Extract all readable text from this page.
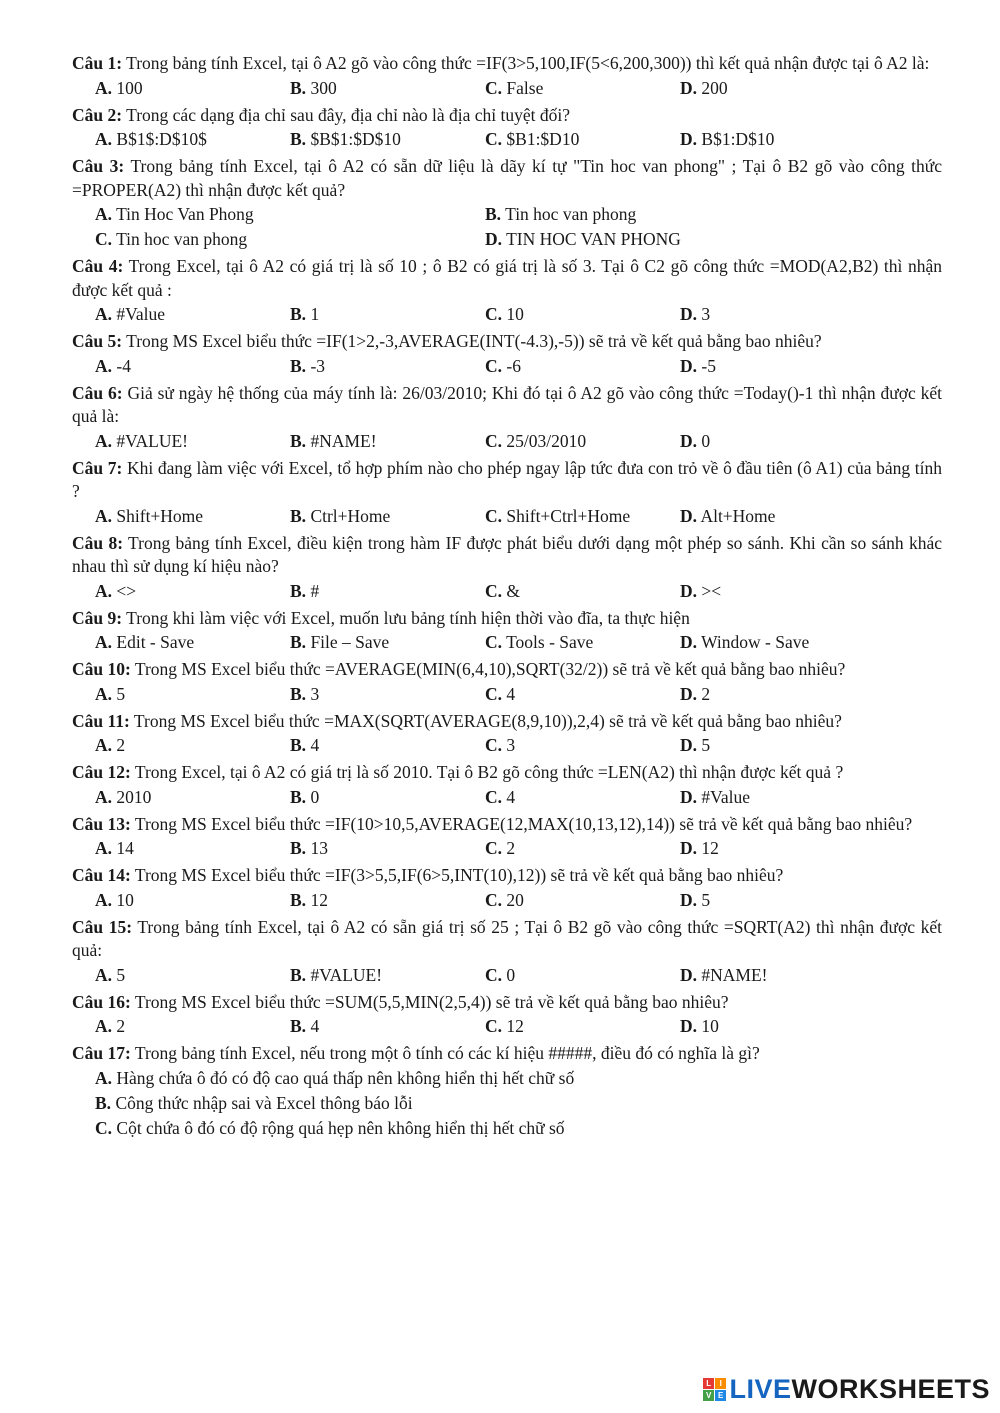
Câu 1: Trong bảng tính Excel, tại ô A2 gõ vào công thức =IF(3>5,100,IF(5<6,200,300)) thì kết quả nhận được tại ô A2 là:

A. 100	B. 300	C. False	D. 200

Câu 2: Trong các dạng địa chỉ sau đây, địa chỉ nào là địa chỉ tuyệt đối?

A. B$1$:D$10$	B. $B$1:$D$10	C. $B1:$D10	D. B$1:D$10

Câu 3: Trong bảng tính Excel, tại ô A2 có sẵn dữ liệu là dãy kí tự "Tin hoc van phong" ; Tại ô B2 gõ vào công thức =PROPER(A2) thì nhận được kết quả?

A. Tin Hoc Van Phong	B. Tin hoc van phong
C. Tin hoc van phong	D. TIN HOC VAN PHONG

Câu 4: Trong Excel, tại ô A2 có giá trị là số 10 ; ô B2 có giá trị là số 3. Tại ô C2 gõ công thức =MOD(A2,B2) thì nhận được kết quả :

A. #Value	B. 1	C. 10	D. 3

Câu 5: Trong MS Excel biểu thức =IF(1>2,-3,AVERAGE(INT(-4.3),-5)) sẽ trả về kết quả bằng bao nhiêu?

A. -4	B. -3	C. -6	D. -5

Câu 6: Giả sử ngày hệ thống của máy tính là: 26/03/2010; Khi đó tại ô A2 gõ vào công thức =Today()-1 thì nhận được kết quả là:

A. #VALUE!	B. #NAME!	C. 25/03/2010	D. 0

Câu 7: Khi đang làm việc với Excel, tổ hợp phím nào cho phép ngay lập tức đưa con trỏ về ô đầu tiên (ô A1) của bảng tính ?

A. Shift+Home	B. Ctrl+Home	C. Shift+Ctrl+Home	D. Alt+Home

Câu 8: Trong bảng tính Excel, điều kiện trong hàm IF được phát biểu dưới dạng một phép so sánh. Khi cần so sánh khác nhau thì sử dụng kí hiệu nào?

A. <>	B. #	C. &	D. ><

Câu 9: Trong khi làm việc với Excel, muốn lưu bảng tính hiện thời vào đĩa, ta thực hiện

A. Edit - Save	B. File – Save	C. Tools - Save	D. Window - Save

Câu 10: Trong MS Excel biểu thức =AVERAGE(MIN(6,4,10),SQRT(32/2)) sẽ trả về kết quả bằng bao nhiêu?

A. 5	B. 3	C. 4	D. 2

Câu 11: Trong MS Excel biểu thức =MAX(SQRT(AVERAGE(8,9,10)),2,4) sẽ trả về kết quả bằng bao nhiêu?

A. 2	B. 4	C. 3	D. 5

Câu 12: Trong Excel, tại ô A2 có giá trị là số 2010. Tại ô B2 gõ công thức =LEN(A2) thì nhận được kết quả ?

A. 2010	B. 0	C. 4	D. #Value

Câu 13: Trong MS Excel biểu thức =IF(10>10,5,AVERAGE(12,MAX(10,13,12),14)) sẽ trả về kết quả bằng bao nhiêu?

A. 14	B. 13	C. 2	D. 12

Câu 14: Trong MS Excel biểu thức =IF(3>5,5,IF(6>5,INT(10),12)) sẽ trả về kết quả bằng bao nhiêu?

A. 10	B. 12	C. 20	D. 5

Câu 15: Trong bảng tính Excel, tại ô A2 có sẵn giá trị số 25 ; Tại ô B2 gõ vào công thức =SQRT(A2) thì nhận được kết quả:

A. 5	B. #VALUE!	C. 0	D. #NAME!

Câu 16: Trong MS Excel biểu thức =SUM(5,5,MIN(2,5,4)) sẽ trả về kết quả bằng bao nhiêu?

A. 2	B. 4	C. 12	D. 10

Câu 17: Trong bảng tính Excel, nếu trong một ô tính có các kí hiệu #####, điều đó có nghĩa là gì?

A. Hàng chứa ô đó có độ cao quá thấp nên không hiển thị hết chữ số
B. Công thức nhập sai và Excel thông báo lỗi
C. Cột chứa ô đó có độ rộng quá hẹp nên không hiển thị hết chữ số
L I
V E LIVE WORKSHEETS
